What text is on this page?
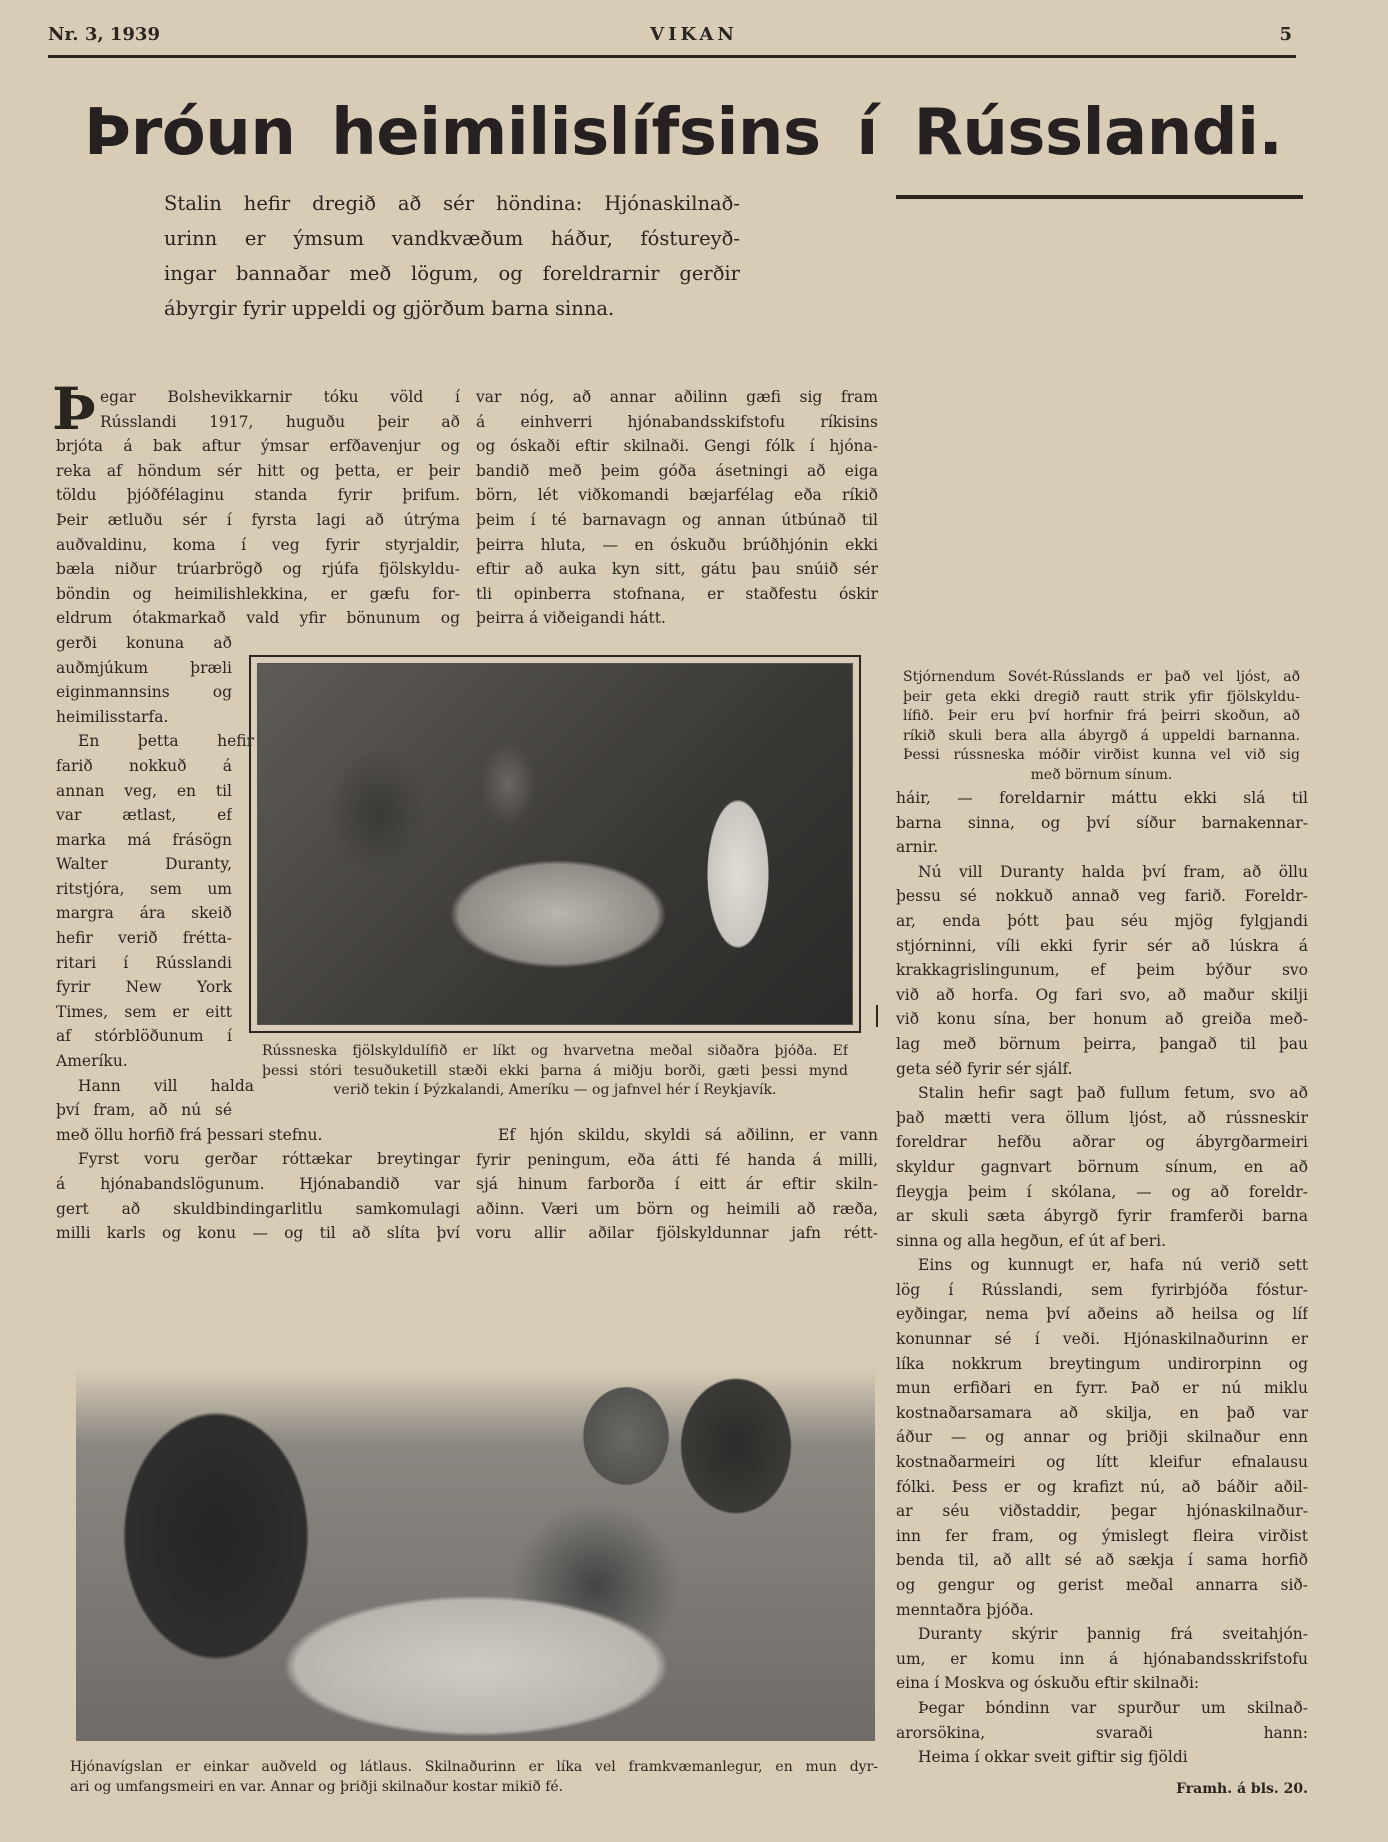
Nr. 3, 1939	VIKAN	5
Þróun heimilislífsins í Rússlandi.
Stalin hefir dregið að sér höndina: Hjónaskilnað-
urinn er ýmsum vandkvæðum háður, fóstureyð-
ingar bannaðar með lögum, og foreldrarnir gerðir
ábyrgir fyrir uppeldi og gjörðum barna sinna.
Stjórnendum Sovét-Rússlands er það vel ljóst, að
þeir geta ekki dregið rautt strik yfir fjölskyldu-
lífið. Þeir eru því horfnir frá þeirri skoðun, að
ríkið skuli bera alla ábyrgð á uppeldi barnanna.
Þessi rússneska móðir virðist kunna vel við sig
með börnum sínum.
Þ egar Bolshevikkarnir tóku völd í
Rússlandi 1917, huguðu þeir að
brjóta á bak aftur ýmsar erfðavenjur og
reka af höndum sér hitt og þetta, er þeir
töldu þjóðfélaginu standa fyrir þrifum.
Þeir ætluðu sér í fyrsta lagi að útrýma
auðvaldinu, koma í veg fyrir styrjaldir,
bæla niður trúarbrögð og rjúfa fjölskyldu-
böndin og heimilishlekkina, er gæfu for-
eldrum ótakmarkað vald yfir bönunum og
gerði konuna að
auðmjúkum þræli
eiginmannsins og
heimilisstarfa.
En þetta hefir
farið nokkuð á
annan veg, en til
var ætlast, ef
marka má frásögn
Walter Duranty,
ritstjóra, sem um
margra ára skeið
hefir verið frétta-
ritari í Rússlandi
fyrir New York
Times, sem er eitt
af stórblöðunum í
Ameríku.
Hann vill halda
því fram, að nú sé
með öllu horfið frá þessari stefnu.
Fyrst voru gerðar róttækar breytingar
á hjónabandslögunum. Hjónabandið var
gert að skuldbindingarlitlu samkomulagi
milli karls og konu — og til að slíta því
var nóg, að annar aðilinn gæfi sig fram
á einhverri hjónabandsskifstofu ríkisins
og óskaði eftir skilnaði. Gengi fólk í hjóna-
bandið með þeim góða ásetningi að eiga
börn, lét viðkomandi bæjarfélag eða ríkið
þeim í té barnavagn og annan útbúnað til
þeirra hluta, — en óskuðu brúðhjónin ekki
eftir að auka kyn sitt, gátu þau snúið sér
tli opinberra stofnana, er staðfestu óskir
þeirra á viðeigandi hátt.
Rússneska fjölskyldulífið er líkt og hvarvetna meðal siðaðra þjóða. Ef
þessi stóri tesuðuketill stæði ekki þarna á miðju borði, gæti þessi mynd
verið tekin í Þýzkalandi, Ameríku — og jafnvel hér í Reykjavík.
Ef hjón skildu, skyldi sá aðilinn, er vann
fyrir peningum, eða átti fé handa á milli,
sjá hinum farborða í eitt ár eftir skiln-
aðinn. Væri um börn og heimili að ræða,
voru allir aðilar fjölskyldunnar jafn rétt-
háir, — foreldarnir máttu ekki slá til
barna sinna, og því síður barnakennar-
arnir.
Nú vill Duranty halda því fram, að öllu
þessu sé nokkuð annað veg farið. Foreldr-
ar, enda þótt þau séu mjög fylgjandi
stjórninni, víli ekki fyrir sér að lúskra á
krakkagrislingunum, ef þeim býður svo
við að horfa. Og fari svo, að maður skilji
við konu sína, ber honum að greiða með-
lag með börnum þeirra, þangað til þau
geta séð fyrir sér sjálf.
Stalin hefir sagt það fullum fetum, svo að
það mætti vera öllum ljóst, að rússneskir
foreldrar hefðu aðrar og ábyrgðarmeiri
skyldur gagnvart börnum sínum, en að
fleygja þeim í skólana, — og að foreldr-
ar skuli sæta ábyrgð fyrir framferði barna
sinna og alla hegðun, ef út af beri.
Eins og kunnugt er, hafa nú verið sett
lög í Rússlandi, sem fyrirbjóða fóstur-
eyðingar, nema því aðeins að heilsa og líf
konunnar sé í veði. Hjónaskilnaðurinn er
líka nokkrum breytingum undirorpinn og
mun erfiðari en fyrr. Það er nú miklu
kostnaðarsamara að skilja, en það var
áður — og annar og þriðji skilnaður enn
kostnaðarmeiri og lítt kleifur efnalausu
fólki. Þess er og krafizt nú, að báðir aðil-
ar séu viðstaddir, þegar hjónaskilnaður-
inn fer fram, og ýmislegt fleira virðist
benda til, að allt sé að sækja í sama horfið
og gengur og gerist meðal annarra sið-
menntaðra þjóða.
Duranty skýrir þannig frá sveitahjón-
um, er komu inn á hjónabandsskrifstofu
eina í Moskva og óskuðu eftir skilnaði:
Þegar bóndinn var spurður um skilnað-
arorsökina, svaraði hann:
Heima í okkar sveit giftir sig fjöldi
Hjónavígslan er einkar auðveld og látlaus. Skilnaðurinn er líka vel framkvæmanlegur, en mun dyr-
ari og umfangsmeiri en var. Annar og þriðji skilnaður kostar mikið fé.	Framh. á bls. 20.
